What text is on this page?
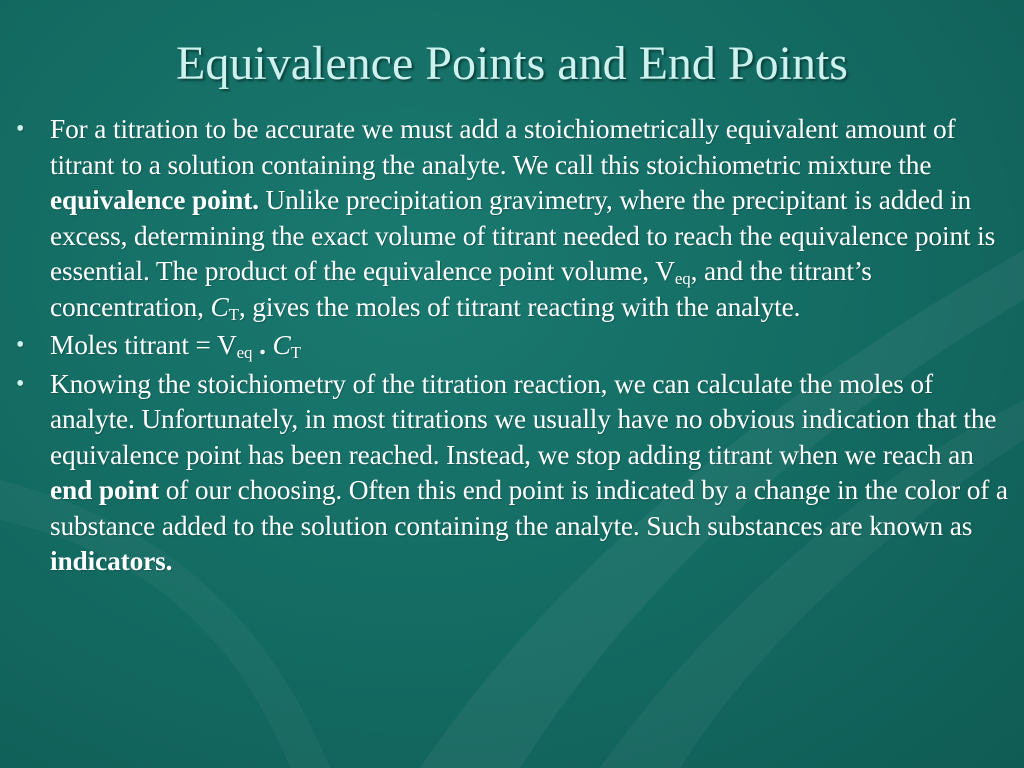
Equivalence Points and End Points
• For a titration to be accurate we must add a stoichiometrically equivalent amount of titrant to a solution containing the analyte. We call this stoichiometric mixture the equivalence point. Unlike precipitation gravimetry, where the precipitant is added in excess, determining the exact volume of titrant needed to reach the equivalence point is essential. The product of the equivalence point volume, $V_{eq}$, and the titrant’s concentration, $C_T$, gives the moles of titrant reacting with the analyte.
• Moles titrant = $V_{eq}$ . $C_T$
• Knowing the stoichiometry of the titration reaction, we can calculate the moles of analyte. Unfortunately, in most titrations we usually have no obvious indication that the equivalence point has been reached. Instead, we stop adding titrant when we reach an end point of our choosing. Often this end point is indicated by a change in the color of a substance added to the solution containing the analyte. Such substances are known as indicators.
